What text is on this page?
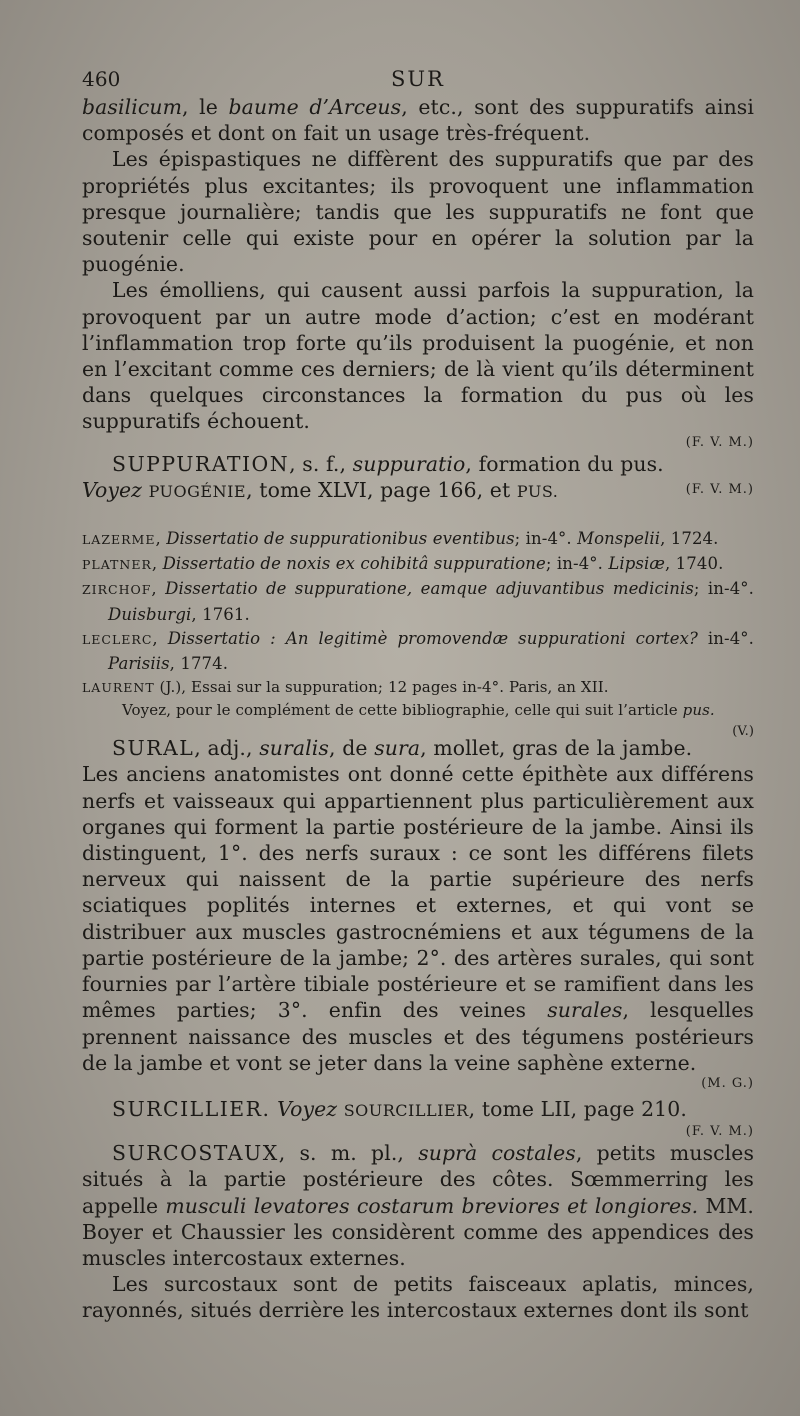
460	SUR

basilicum, le baume d’Arceus, etc., sont des suppuratifs ainsi composés et dont on fait un usage très-fréquent.

Les épispastiques ne diffèrent des suppuratifs que par des propriétés plus excitantes; ils provoquent une inflammation presque journalière; tandis que les suppuratifs ne font que soutenir celle qui existe pour en opérer la solution par la puogénie.

Les émolliens, qui causent aussi parfois la suppuration, la provoquent par un autre mode d’action; c’est en modérant l’inflammation trop forte qu’ils produisent la puogénie, et non en l’excitant comme ces derniers; de là vient qu’ils déterminent dans quelques circonstances la formation du pus où les suppuratifs échouent.

(F. V. M.)

SUPPURATION, s. f., suppuratio, formation du pus.

Voyez PUOGÉNIE, tome XLVI, page 166, et PUS.	(F. V. M.)

LAZERME, Dissertatio de suppurationibus eventibus; in-4°. Monspelii, 1724.

PLATNER, Dissertatio de noxis ex cohibitâ suppuratione; in-4°. Lipsiæ, 1740.

ZIRCHOF, Dissertatio de suppuratione, eamque adjuvantibus medicinis; in-4°. Duisburgi, 1761.

LECLERC, Dissertatio : An legitimè promovendæ suppurationi cortex? in-4°. Parisiis, 1774.

LAURENT (J.), Essai sur la suppuration; 12 pages in-4°. Paris, an XII.

Voyez, pour le complément de cette bibliographie, celle qui suit l’article pus.
(V.)

SURAL, adj., suralis, de sura, mollet, gras de la jambe. Les anciens anatomistes ont donné cette épithète aux différens nerfs et vaisseaux qui appartiennent plus particulièrement aux organes qui forment la partie postérieure de la jambe. Ainsi ils distinguent, 1°. des nerfs suraux : ce sont les différens filets nerveux qui naissent de la partie supérieure des nerfs sciatiques poplités internes et externes, et qui vont se distribuer aux muscles gastrocnémiens et aux tégumens de la partie postérieure de la jambe; 2°. des artères surales, qui sont fournies par l’artère tibiale postérieure et se ramifient dans les mêmes parties; 3°. enfin des veines surales, lesquelles prennent naissance des muscles et des tégumens postérieurs de la jambe et vont se jeter dans la veine saphène externe.

(M. G.)

SURCILLIER. Voyez SOURCILLIER, tome LII, page 210.

(F. V. M.)

SURCOSTAUX, s. m. pl., suprà costales, petits muscles situés à la partie postérieure des côtes. Sœmmerring les appelle musculi levatores costarum breviores et longiores. MM. Boyer et Chaussier les considèrent comme des appendices des muscles intercostaux externes.

Les surcostaux sont de petits faisceaux aplatis, minces, rayonnés, situés derrière les intercostaux externes dont ils sont
